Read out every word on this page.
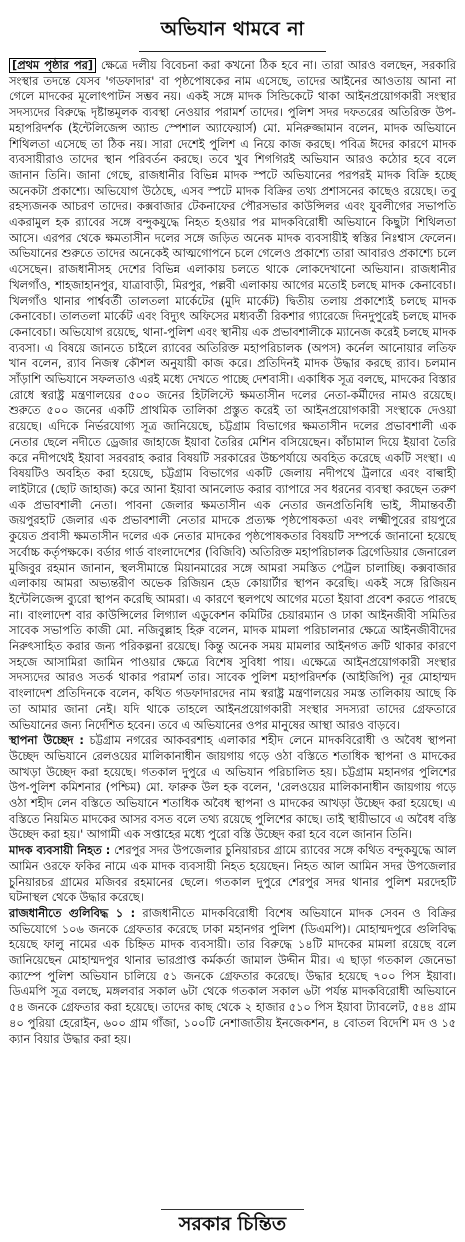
অভিযান থামবে না

[প্রথম পৃষ্ঠার পর] ক্ষেত্রে দলীয় বিবেচনা করা কখনো ঠিক হবে না। তারা আরও বলছেন, সরকারি সংস্থার তদন্তে যেসব 'গডফাদার' বা পৃষ্ঠপোষকের নাম এসেছে, তাদের আইনের আওতায় আনা না গেলে মাদকের মূলোৎপাটন সম্ভব নয়। একই সঙ্গে মাদক সিন্ডিকেটে থাকা আইনপ্রয়োগকারী সংস্থার সদস্যদের বিরুদ্ধে দৃষ্টান্তমূলক ব্যবস্থা নেওয়ার পরামর্শ তাদের। পুলিশ সদর দফতরের অতিরিক্ত উপ-মহাপরিদর্শক (ইন্টেলিজেন্স অ্যান্ড স্পেশাল অ্যাফেয়ার্স) মো. মনিরুজ্জামান বলেন, মাদক অভিযানে শিথিলতা এসেছে তা ঠিক নয়। সারা দেশেই পুলিশ এ নিয়ে কাজ করছে। পবিত্র ঈদের কারণে মাদক ব্যবসায়ীরাও তাদের স্থান পরিবর্তন করছে। তবে খুব শিগগিরই অভিযান আরও কঠোর হবে বলে জানান তিনি। জানা গেছে, রাজধানীর বিভিন্ন মাদক স্পটে অভিযানের পরপরই মাদক বিক্রি হচ্ছে অনেকটা প্রকাশ্যে। অভিযোগ উঠেছে, এসব স্পটে মাদক বিক্রির তথ্য প্রশাসনের কাছেও রয়েছে। তবু রহস্যজনক আচরণ তাদের। কক্সবাজার টেকনাফের পৌরসভার কাউন্সিলর এবং যুবলীগের সভাপতি একরামুল হক র‍্যাবের সঙ্গে বন্দুকযুদ্ধে নিহত হওয়ার পর মাদকবিরোধী অভিযানে কিছুটা শিথিলতা আসে। এরপর থেকে ক্ষমতাসীন দলের সঙ্গে জড়িত অনেক মাদক ব্যবসায়ীই স্বস্তির নিঃশ্বাস ফেলেন। অভিযানের শুরুতে তাদের অনেকেই আত্মগোপনে চলে গেলেও প্রকাশ্যে তারা আবারও প্রকাশ্যে চলে এসেছেন। রাজধানীসহ দেশের বিভিন্ন এলাকায় চলতে থাকে লোকদেখানো অভিযান। রাজধানীর খিলগাঁও, শাহজাহানপুর, যাত্রাবাড়ী, মিরপুর, পল্লবী এলাকায় আগের মতোই চলছে মাদক কেনাবেচা। খিলগাঁও থানার পার্শ্ববর্তী তালতলা মার্কেটের (মুদি মার্কেট) দ্বিতীয় তলায় প্রকাশ্যেই চলছে মাদক কেনাবেচা। তালতলা মার্কেট এবং বিদ্যুৎ অফিসের মধ্যবর্তী রিকশার গ্যারেজে দিনদুপুরেই চলছে মাদক কেনাবেচা। অভিযোগ রয়েছে, থানা-পুলিশ এবং স্থানীয় এক প্রভাবশালীকে ম্যানেজ করেই চলছে মাদক ব্যবসা। এ বিষয়ে জানতে চাইলে র‍্যাবের অতিরিক্ত মহাপরিচালক (অপস) কর্নেল আনোয়ার লতিফ খান বলেন, র‍্যাব নিজস্ব কৌশল অনুযায়ী কাজ করে। প্রতিদিনই মাদক উদ্ধার করছে র‍্যাব। চলমান সাঁড়াশি অভিযানে সফলতাও এরই মধ্যে দেখতে পাচ্ছে দেশবাসী। একাধিক সূত্র বলছে, মাদকের বিস্তার রোধে স্বরাষ্ট্র মন্ত্রণালয়ের ৫০০ জনের হিটলিস্টে ক্ষমতাসীন দলের নেতা-কর্মীদের নামও রয়েছে। শুরুতে ৫০০ জনের একটি প্রাথমিক তালিকা প্রস্তুত করেই তা আইনপ্রয়োগকারী সংস্থাকে দেওয়া রয়েছে। এদিকে নির্ভরযোগ্য সূত্র জানিয়েছে, চট্টগ্রাম বিভাগের ক্ষমতাসীন দলের প্রভাবশালী এক নেতার ছেলে নদীতে ড্রেজার জাহাজে ইয়াবা তৈরির মেশিন বসিয়েছেন। কাঁচামাল দিয়ে ইয়াবা তৈরি করে নদীপথেই ইয়াবা সরবরাহ করার বিষয়টি সরকারের উচ্চপর্যায়ে অবহিত করেছে একটি সংস্থা। এ বিষয়টিও অবহিত করা হয়েছে, চট্টগ্রাম বিভাগের একটি জেলায় নদীপথে ট্রলারে এবং বাল্বাহী লাইটারে (ছোট জাহাজ) করে আনা ইয়াবা আনলোড করার ব্যাপারে সব ধরনের ব্যবস্থা করছেন তরুণ এক প্রভাবশালী নেতা। পাবনা জেলার ক্ষমতাসীন এক নেতার জনপ্রতিনিধি ভাই, সীমান্তবর্তী জয়পুরহাট জেলার এক প্রভাবশালী নেতার মাদকে প্রত্যক্ষ পৃষ্ঠপোষকতা এবং লক্ষ্মীপুরের রায়পুরে কুয়েত প্রবাসী ক্ষমতাসীন দলের এক নেতার মাদকের পৃষ্ঠপোষকতার বিষয়টি সম্পর্কে জানানো হয়েছে সর্বোচ্চ কর্তৃপক্ষকে। বর্ডার গার্ড বাংলাদেশের (বিজিবি) অতিরিক্ত মহাপরিচালক ব্রিগেডিয়ার জেনারেল মুজিবুর রহমান জানান, স্থলসীমান্তে মিয়ানমারের সঙ্গে আমরা সমস্তিত পেট্রল চালাচ্ছি। কক্সবাজার এলাকায় আমরা অভ্যন্তরীণ অভেক রিজিয়ন হেড কোয়ার্টার স্থাপন করেছি। একই সঙ্গে রিজিয়ন ইন্টেলিজেন্স ব্যুরো স্থাপন করেছি আমরা। এ কারণে স্থলপথে আগের মতো ইয়াবা প্রবেশ করতে পারছে না। বাংলাদেশ বার কাউন্সিলের লিগ্যাল এডুকেশন কমিটির চেয়ারম্যান ও ঢাকা আইনজীবী সমিতির সাবেক সভাপতি কাজী মো. নজিবুল্লাহ হিরু বলেন, মাদক মামলা পরিচালনার ক্ষেত্রে আইনজীবীদের নিরুৎসাহিত করার জন্য পরিকল্পনা রয়েছে। কিন্তু অনেক সময় মামলার আইনগত ক্রটি থাকার কারণে সহজে আসামিরা জামিন পাওয়ার ক্ষেত্রে বিশেষ সুবিধা পায়। এক্ষেত্রে আইনপ্রয়োগকারী সংস্থার সদস্যদের আরও সতর্ক থাকার পরামর্শ তার। সাবেক পুলিশ মহাপরিদর্শক (আইজিপি) নূর মোহাম্মদ বাংলাদেশ প্রতিদিনকে বলেন, কথিত গডফাদারদের নাম স্বরাষ্ট্র মন্ত্রণালয়ের সমস্ত তালিকায় আছে কি তা আমার জানা নেই। যদি থাকে তাহলে আইনপ্রয়োগকারী সংস্থার সদস্যরা তাদের গ্রেফতারে অভিযানের জন্য নির্দেশিত হবেন। তবে এ অভিযানের ওপর মানুষের আস্থা আরও বাড়বে।

স্থাপনা উচ্ছেদ : চট্টগ্রাম নগরের আকবরশাহ এলাকার শহীদ লেনে মাদকবিরোধী ও অবৈধ স্থাপনা উচ্ছেদ অভিযানে রেলওয়ের মালিকানাধীন জায়গায় গড়ে ওঠা বস্তিতে শতাধিক স্থাপনা ও মাদকের আখড়া উচ্ছেদ করা হয়েছে। গতকাল দুপুরে এ অভিযান পরিচালিত হয়। চট্টগ্রাম মহানগর পুলিশের উপ-পুলিশ কমিশনার (পশ্চিম) মো. ফারুক উল হক বলেন, 'রেলওয়ের মালিকানাধীন জায়গায় গড়ে ওঠা শহীদ লেন বস্তিতে অভিযানে শতাধিক অবৈধ স্থাপনা ও মাদকের আখড়া উচ্ছেদ করা হয়েছে। এ বস্তিতে নিয়মিত মাদকের আসর বসত বলে তথ্য রয়েছে পুলিশের কাছে। তাই স্থায়ীভাবে এ অবৈধ বস্তি উচ্ছেদ করা হয়।' আগামী এক সপ্তাহের মধ্যে পুরো বস্তি উচ্ছেদ করা হবে বলে জানান তিনি।

মাদক ব্যবসায়ী নিহত : শেরপুর সদর উপজেলার চুনিয়ারচর গ্রামে র‍্যাবের সঙ্গে কথিত বন্দুকযুদ্ধে আল আমিন ওরফে ফকির নামে এক মাদক ব্যবসায়ী নিহত হয়েছেন। নিহত আল আমিন সদর উপজেলার চুনিয়ারচর গ্রামের মজিবর রহমানের ছেলে। গতকাল দুপুরে শেরপুর সদর থানার পুলিশ মরদেহটি ঘটনাস্থল থেকে উদ্ধার করেছে।

রাজধানীতে গুলিবিদ্ধ ১ : রাজধানীতে মাদকবিরোধী বিশেষ অভিযানে মাদক সেবন ও বিক্রির অভিযোগে ১০৬ জনকে গ্রেফতার করেছে ঢাকা মহানগর পুলিশ (ডিএমপি)। মোহাম্মদপুরে গুলিবিদ্ধ হয়েছে ফালু নামের এক চিহ্নিত মাদক ব্যবসায়ী। তার বিরুদ্ধে ১৪টি মাদকের মামলা রয়েছে বলে জানিয়েছেন মোহাম্মদপুর থানার ভারপ্রাপ্ত কর্মকর্তা জামাল উদ্দীন মীর। এ ছাড়া গতকাল জেনেভা ক্যাম্পে পুলিশ অভিযান চালিয়ে ৫১ জনকে গ্রেফতার করেছে। উদ্ধার হয়েছে ৭০০ পিস ইয়াবা। ডিএমপি সূত্র বলছে, মঙ্গলবার সকাল ৬টা থেকে গতকাল সকাল ৬টা পর্যন্ত মাদকবিরোধী অভিযানে ৫৪ জনকে গ্রেফতার করা হয়েছে। তাদের কাছ থেকে ২ হাজার ৫১০ পিস ইয়াবা ট্যাবলেট, ৫৪৪ গ্রাম ৪০ পুরিয়া হেরোইন, ৬০০ গ্রাম গাঁজা, ১০০টি নেশাজাতীয় ইনজেকশন, ৪ বোতল বিদেশি মদ ও ১৫ ক্যান বিয়ার উদ্ধার করা হয়।

সরকার চিন্তিত
